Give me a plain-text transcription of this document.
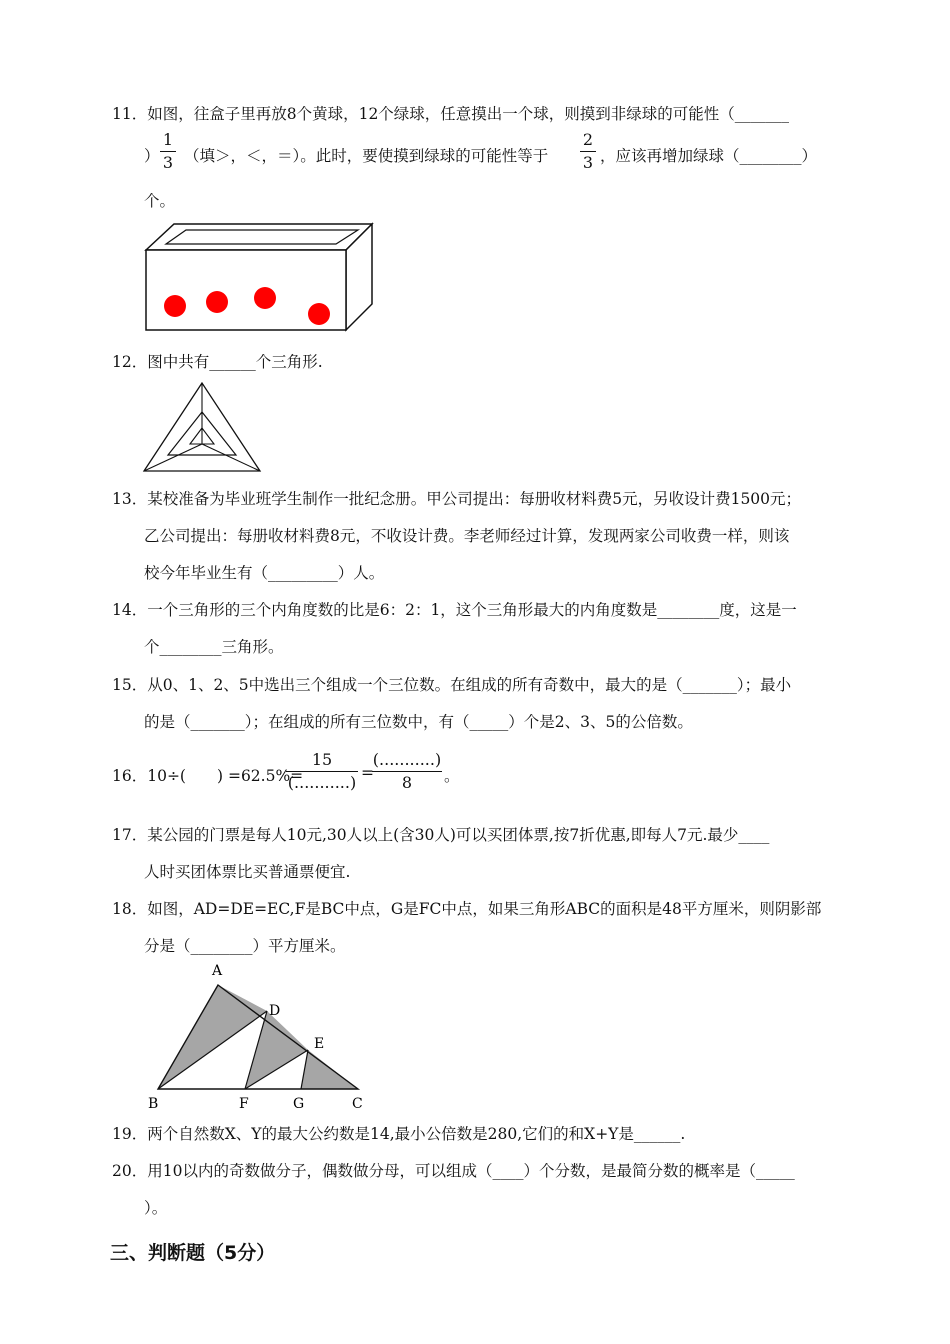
11．如图，往盒子里再放8个黄球，12个绿球，任意摸出一个球，则摸到非绿球的可能性（_______
）
1
3 （填＞，＜，＝）。此时，要使摸到绿球的可能性等于
2
3 ，应该再增加绿球（________）
个。
12．图中共有______个三角形.
13．某校准备为毕业班学生制作一批纪念册。甲公司提出：每册收材料费5元，另收设计费1500元；
乙公司提出：每册收材料费8元，不收设计费。李老师经过计算，发现两家公司收费一样，则该
校今年毕业生有（_________）人。
14．一个三角形的三个内角度数的比是6：2：1，这个三角形最大的内角度数是________度，这是一
个________三角形。
15．从0、1、2、5中选出三个组成一个三位数。在组成的所有奇数中，最大的是（_______）；最小
的是（_______）；在组成的所有三位数中，有（_____）个是2、3、5的公倍数。
16．10÷(　　) =62.5%=
15
(...........) =
(...........)
8	。
17．某公园的门票是每人10元,30人以上(含30人)可以买团体票,按7折优惠,即每人7元.最少____
人时买团体票比买普通票便宜.
18．如图，AD=DE=EC,F是BC中点，G是FC中点，如果三角形ABC的面积是48平方厘米，则阴影部
分是（________）平方厘米。
A
B	C
D
E
F	G
19．两个自然数X、Y的最大公约数是14,最小公倍数是280,它们的和X+Y是______.
20．用10以内的奇数做分子，偶数做分母，可以组成（____）个分数，是最简分数的概率是（_____
）。
三、判断题（5分）
